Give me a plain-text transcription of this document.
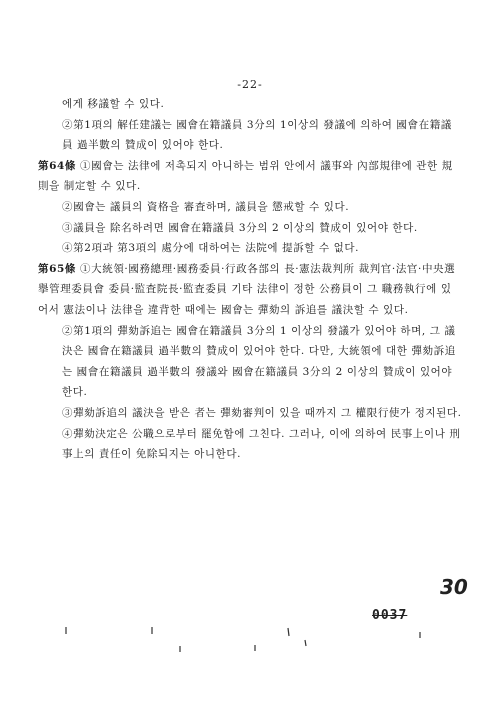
-22-

에게 移議할 수 있다.

②第1項의 解任建議는 國會在籍議員 3分의 1이상의 發議에 의하여 國會在籍議員 過半數의 贊成이 있어야 한다.

第64條 ①國會는 法律에 저촉되지 아니하는 범위 안에서 議事와 內部規律에 관한 規則을 制定할 수 있다.

②國會는 議員의 資格을 審査하며, 議員을 懲戒할 수 있다.

③議員을 除名하려면 國會在籍議員 3分의 2 이상의 贊成이 있어야 한다.

④第2項과 第3項의 處分에 대하여는 法院에 提訴할 수 없다.

第65條 ①大統領·國務總理·國務委員·行政各部의 長·憲法裁判所 裁判官·法官·中央選擧管理委員會 委員·監査院長·監査委員 기타 法律이 정한 公務員이 그 職務執行에 있어서 憲法이나 法律을 違背한 때에는 國會는 彈劾의 訴追를 議決할 수 있다.

②第1項의 彈劾訴追는 國會在籍議員 3分의 1 이상의 發議가 있어야 하며, 그 議決은 國會在籍議員 過半數의 贊成이 있어야 한다. 다만, 大統領에 대한 彈劾訴追는 國會在籍議員 過半數의 發議와 國會在籍議員 3分의 2 이상의 贊成이 있어야 한다.

③彈劾訴追의 議決을 받은 者는 彈劾審判이 있을 때까지 그 權限行使가 정지된다.

④彈劾決定은 公職으로부터 罷免함에 그친다. 그러나, 이에 의하여 民事上이나 刑事上의 責任이 免除되지는 아니한다.

30
0037
